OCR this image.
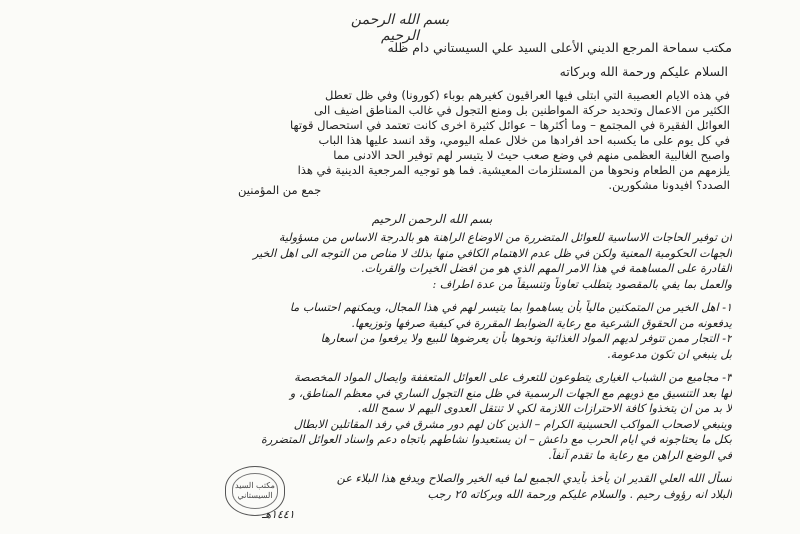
بسم الله الرحمن الرحيم
مكتب سماحة المرجع الديني الأعلى السيد علي السيستاني دام ظله
السلام عليكم ورحمة الله وبركاته
في هذه الايام العصيبة التي ابتلى فيها العراقيون كغيرهم بوباء (كورونا) وفي ظل تعطل
الكثير من الاعمال وتحديد حركة المواطنين بل ومنع التجول في غالب المناطق اضيف الى
العوائل الفقيرة في المجتمع – وما أكثرها – عوائل كثيرة اخرى كانت تعتمد في استحصال قوتها
في كل يوم على ما يكسبه احد افرادها من خلال عمله اليومي، وقد انسد عليها هذا الباب
واصبح الغالبية العظمى منهم في وضع صعب حيث لا يتيسر لهم توفير الحد الادنى مما
يلزمهم من الطعام ونحوها من المستلزمات المعيشية. فما هو توجيه المرجعية الدينية في هذا
الصدد؟ افيدونا مشكورين.
جمع من المؤمنين
بسم الله الرحمن الرحيم
ان توفير الحاجات الاساسية للعوائل المتضررة من الاوضاع الراهنة هو بالدرجة الاساس من مسؤولية
الجهات الحكومية المعنية ولكن في ظل عدم الاهتمام الكافي منها بذلك لا مناص من التوجه الى اهل الخير
القادرة على المساهمة في هذا الامر المهم الذي هو من افضل الخيرات والقربات.
والعمل بما يفي بالمقصود يتطلب تعاوناً وتنسيقاً من عدة اطراف :
١- اهل الخير من المتمكنين مالياً بأن يساهموا بما يتيسر لهم في هذا المجال، ويمكنهم احتساب ما
يدفعونه من الحقوق الشرعية مع رعاية الضوابط المقررة في كيفية صرفها وتوزيعها.
٢- التجار ممن تتوفر لديهم المواد الغذائية ونحوها بأن يعرضوها للبيع ولا يرفعوا من اسعارها
بل ينبغي ان تكون مدعومة.
٣- مجاميع من الشباب الغيارى يتطوعون للتعرف على العوائل المتعففة وايصال المواد المخصصة
لها بعد التنسيق مع ذويهم مع الجهات الرسمية في ظل منع التجول الساري في معظم المناطق، و
لا بد من ان يتخذوا كافة الاحترازات اللازمة لكي لا تنتقل العدوى اليهم لا سمح الله.
وينبغي لاصحاب المواكب الحسينية الكرام – الذين كان لهم دور مشرق في رفد المقاتلين الابطال
بكل ما يحتاجونه في ايام الحرب مع داعش – ان يستعيدوا نشاطهم باتجاه دعم واسناد العوائل المتضررة
في الوضع الراهن مع رعاية ما تقدم آنفاً.
نسأل الله العلي القدير ان يأخذ بأيدي الجميع لما فيه الخير والصلاح ويدفع هذا البلاء عن
البلاد انه رؤوف رحيم . والسلام عليكم ورحمة الله وبركاته ٢٥ رجب
مكتب السيد السيستاني
١٤٤١هـ
